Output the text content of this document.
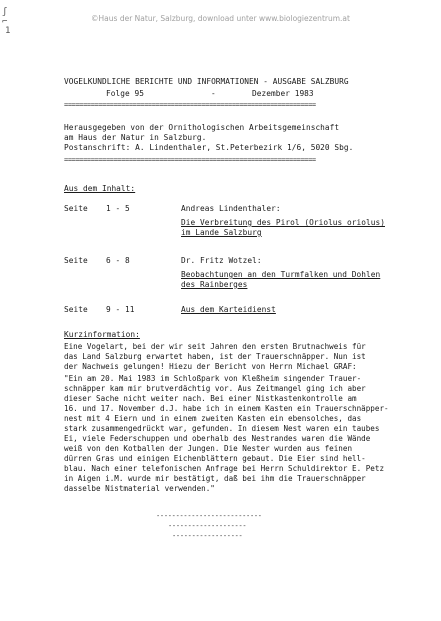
©Haus der Natur, Salzburg, download unter www.biologiezentrum.at
ʃ
⌐
1
VOGELKUNDLICHE BERICHTE UND INFORMATIONEN - AUSGABE SALZBURG
Folge 95	-	Dezember 1983
==================================================================
Herausgegeben von der Ornithologischen Arbeitsgemeinschaft
am Haus der Natur in Salzburg.
Postanschrift: A. Lindenthaler, St.Peterbezirk 1/6, 5020 Sbg.
==================================================================
Aus dem Inhalt:
Seite 1 - 5	Andreas Lindenthaler:
Die Verbreitung des Pirol (Oriolus oriolus)
im Lande Salzburg
Seite 6 - 8	Dr. Fritz Wotzel:
Beobachtungen an den Turmfalken und Dohlen
des Rainberges
Seite 9 - 11	Aus dem Karteidienst
Kurzinformation:
Eine Vogelart, bei der wir seit Jahren den ersten Brutnachweis für
das Land Salzburg erwartet haben, ist der Trauerschnäpper. Nun ist
der Nachweis gelungen! Hiezu der Bericht von Herrn Michael GRAF:
"Ein am 20. Mai 1983 im Schloßpark von Kleßheim singender Trauer-
schnäpper kam mir brutverdächtig vor. Aus Zeitmangel ging ich aber
dieser Sache nicht weiter nach. Bei einer Nistkastenkontrolle am
16. und 17. November d.J. habe ich in einem Kasten ein Trauerschnäpper-
nest mit 4 Eiern und in einem zweiten Kasten ein ebensolches, das
stark zusammengedrückt war, gefunden. In diesem Nest waren ein taubes
Ei, viele Federschuppen und oberhalb des Nestrandes waren die Wände
weiß von den Kotballen der Jungen. Die Nester wurden aus feinen
dürren Gras und einigen Eichenblättern gebaut. Die Eier sind hell-
blau. Nach einer telefonischen Anfrage bei Herrn Schuldirektor E. Petz
in Aigen i.M. wurde mir bestätigt, daß bei ihm die Trauerschnäpper
dasselbe Nistmaterial verwenden."
---------------------------
--------------------
------------------
